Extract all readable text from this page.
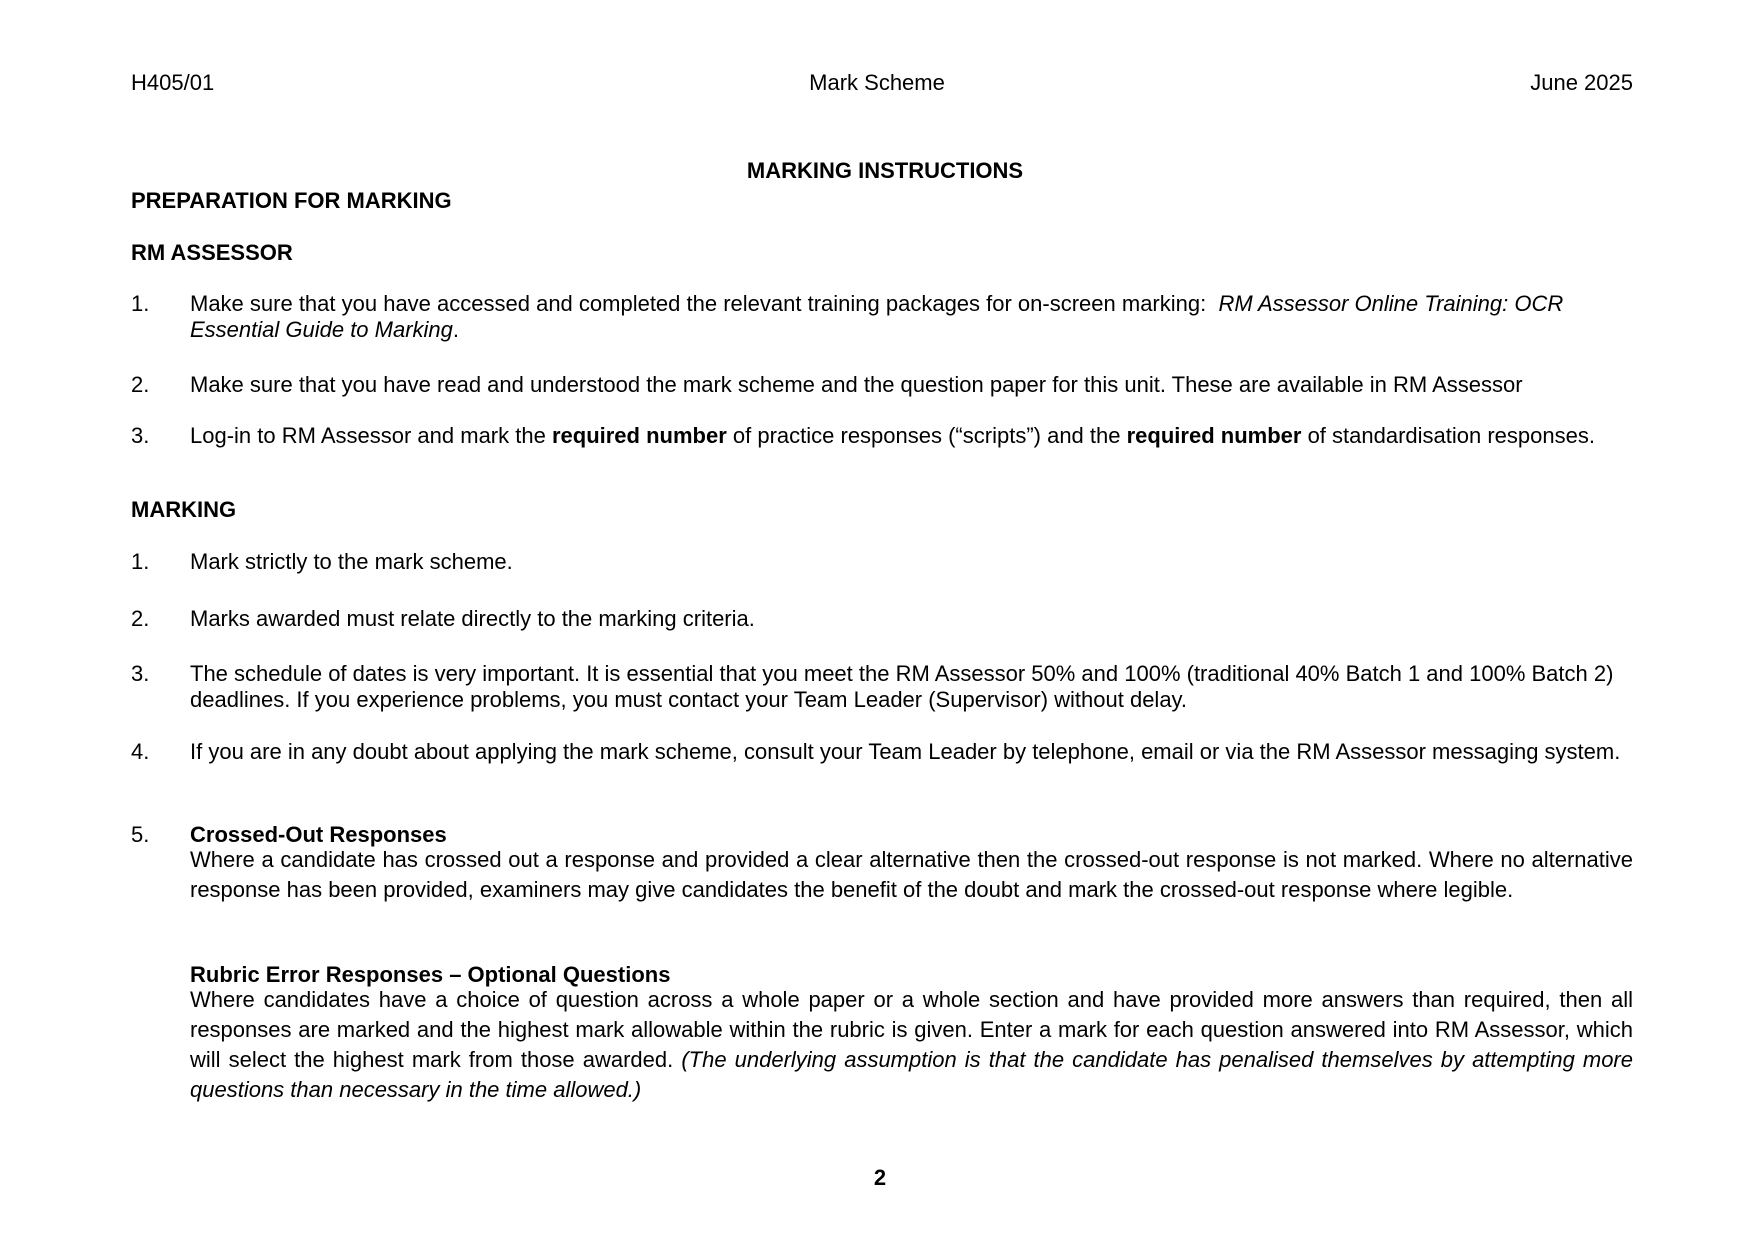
H405/01	Mark Scheme	June 2025
MARKING INSTRUCTIONS
PREPARATION FOR MARKING
RM ASSESSOR
1. Make sure that you have accessed and completed the relevant training packages for on-screen marking: RM Assessor Online Training: OCR Essential Guide to Marking.
2. Make sure that you have read and understood the mark scheme and the question paper for this unit. These are available in RM Assessor
3. Log-in to RM Assessor and mark the required number of practice responses (“scripts”) and the required number of standardisation responses.
MARKING
1. Mark strictly to the mark scheme.
2. Marks awarded must relate directly to the marking criteria.
3. The schedule of dates is very important. It is essential that you meet the RM Assessor 50% and 100% (traditional 40% Batch 1 and 100% Batch 2) deadlines. If you experience problems, you must contact your Team Leader (Supervisor) without delay.
4. If you are in any doubt about applying the mark scheme, consult your Team Leader by telephone, email or via the RM Assessor messaging system.
5. Crossed-Out Responses
Where a candidate has crossed out a response and provided a clear alternative then the crossed-out response is not marked. Where no alternative response has been provided, examiners may give candidates the benefit of the doubt and mark the crossed-out response where legible.
Rubric Error Responses – Optional Questions
Where candidates have a choice of question across a whole paper or a whole section and have provided more answers than required, then all responses are marked and the highest mark allowable within the rubric is given. Enter a mark for each question answered into RM Assessor, which will select the highest mark from those awarded. (The underlying assumption is that the candidate has penalised themselves by attempting more questions than necessary in the time allowed.)
2
